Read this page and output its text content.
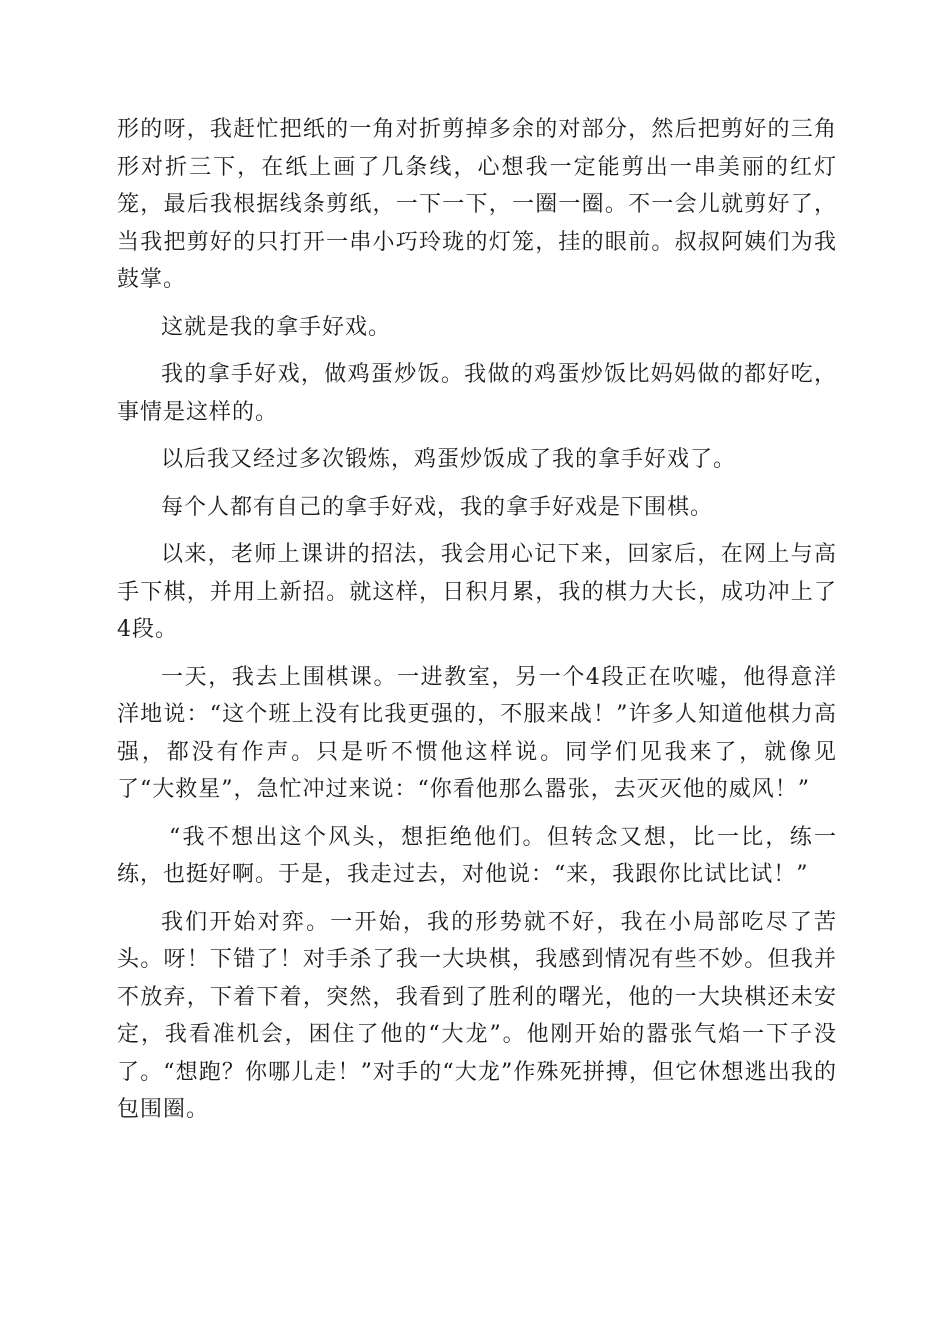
形的呀，我赶忙把纸的一角对折剪掉多余的对部分，然后把剪好的三角形对折三下，在纸上画了几条线，心想我一定能剪出一串美丽的红灯笼，最后我根据线条剪纸，一下一下，一圈一圈。不一会儿就剪好了，当我把剪好的只打开一串小巧玲珑的灯笼，挂的眼前。叔叔阿姨们为我鼓掌。

这就是我的拿手好戏。

我的拿手好戏，做鸡蛋炒饭。我做的鸡蛋炒饭比妈妈做的都好吃，事情是这样的。

以后我又经过多次锻炼，鸡蛋炒饭成了我的拿手好戏了。

每个人都有自己的拿手好戏，我的拿手好戏是下围棋。

以来，老师上课讲的招法，我会用心记下来，回家后，在网上与高手下棋，并用上新招。就这样，日积月累，我的棋力大长，成功冲上了4段。

一天，我去上围棋课。一进教室，另一个4段正在吹嘘，他得意洋洋地说：“这个班上没有比我更强的，不服来战！”许多人知道他棋力高强，都没有作声。只是听不惯他这样说。同学们见我来了，就像见了“大救星”，急忙冲过来说：“你看他那么嚣张，去灭灭他的威风！”

“我不想出这个风头，想拒绝他们。但转念又想，比一比，练一练，也挺好啊。于是，我走过去，对他说：“来，我跟你比试比试！”

我们开始对弈。一开始，我的形势就不好，我在小局部吃尽了苦头。呀！下错了！对手杀了我一大块棋，我感到情况有些不妙。但我并不放弃，下着下着，突然，我看到了胜利的曙光，他的一大块棋还未安定，我看准机会，困住了他的“大龙”。他刚开始的嚣张气焰一下子没了。“想跑？你哪儿走！”对手的“大龙”作殊死拼搏，但它休想逃出我的包围圈。
